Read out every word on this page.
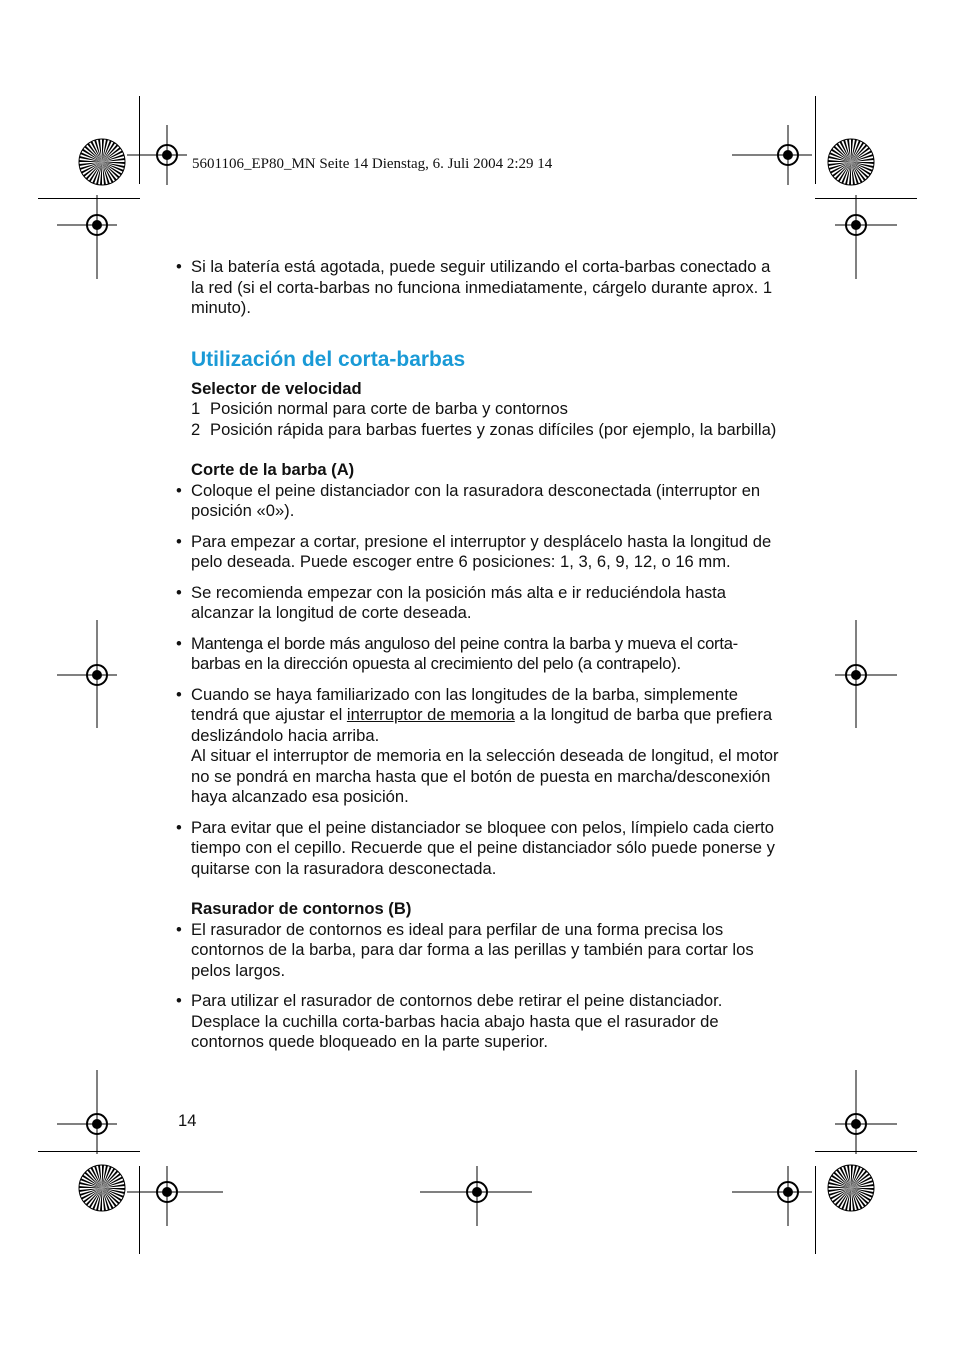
5601106_EP80_MN Seite 14 Dienstag, 6. Juli 2004 2:29 14

• Si la batería está agotada, puede seguir utilizando el corta-barbas conectado a la red (si el corta-barbas no funciona inmediatamente, cárgelo durante aprox. 1 minuto).

Utilización del corta-barbas
Selector de velocidad
1 Posición normal para corte de barba y contornos
2 Posición rápida para barbas fuertes y zonas difíciles (por ejemplo, la barbilla)
Corte de la barba (A)

• Coloque el peine distanciador con la rasuradora desconectada (interruptor en posición «0»).

• Para empezar a cortar, presione el interruptor y desplácelo hasta la longitud de pelo deseada. Puede escoger entre 6 posiciones: 1, 3, 6, 9, 12, o 16 mm.

• Se recomienda empezar con la posición más alta e ir reduciéndola hasta alcanzar la longitud de corte deseada.

• Mantenga el borde más anguloso del peine contra la barba y mueva el corta-barbas en la dirección opuesta al crecimiento del pelo (a contrapelo).

• Cuando se haya familiarizado con las longitudes de la barba, simplemente tendrá que ajustar el interruptor de memoria a la longitud de barba que prefiera deslizándolo hacia arriba.
Al situar el interruptor de memoria en la selección deseada de longitud, el motor no se pondrá en marcha hasta que el botón de puesta en marcha/desconexión haya alcanzado esa posición.

• Para evitar que el peine distanciador se bloquee con pelos, límpielo cada cierto tiempo con el cepillo. Recuerde que el peine distanciador sólo puede ponerse y quitarse con la rasuradora desconectada.

Rasurador de contornos (B)

• El rasurador de contornos es ideal para perfilar de una forma precisa los contornos de la barba, para dar forma a las perillas y también para cortar los pelos largos.

• Para utilizar el rasurador de contornos debe retirar el peine distanciador. Desplace la cuchilla corta-barbas hacia abajo hasta que el rasurador de contornos quede bloqueado en la parte superior.

14
